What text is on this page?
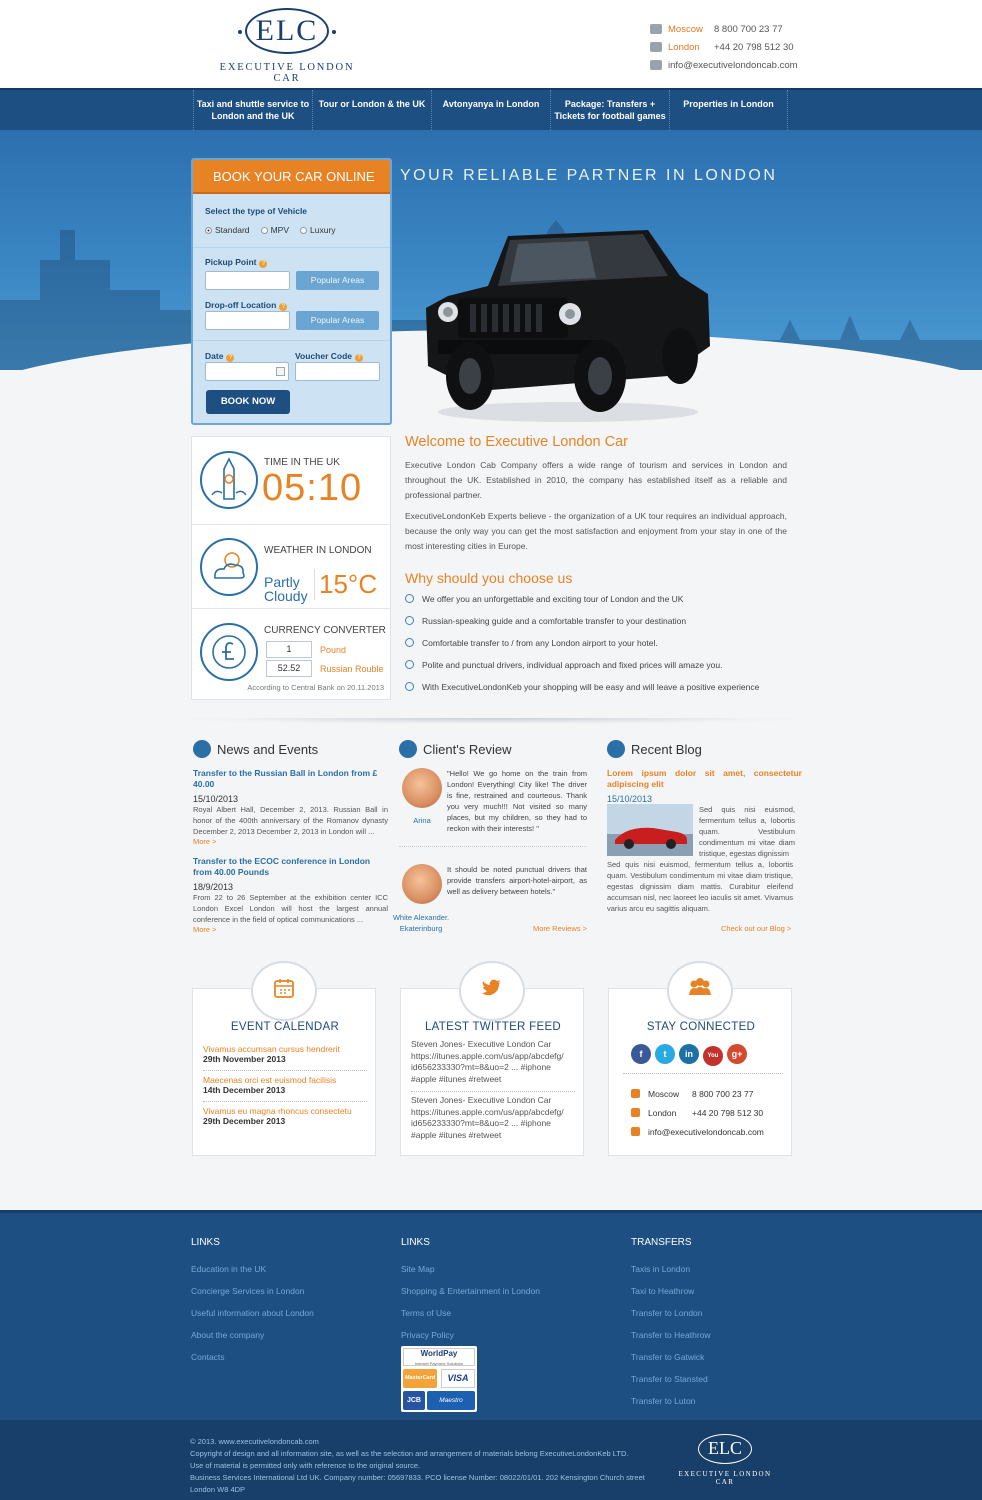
ELC
EXECUTIVE LONDON CAR
Moscow 8 800 700 23 77
London +44 20 798 512 30
info@executivelondoncab.com
Taxi and shuttle service to London and the UK
Tour or London & the UK	Avtonyanya in London	Package: Transfers + Tickets for football games
Properties in London
YOUR RELIABLE PARTNER IN LONDON
BOOK YOUR CAR ONLINE
Select the type of Vehicle
Standard MPV Luxury
Pickup Point ?
Popular Areas
Drop-off Location ?
Popular Areas
Date ?	Voucher Code ?
BOOK NOW
TIME IN THE UK
05:10
WEATHER IN LONDON
Partly Cloudy 15°C
CURRENCY CONVERTER
1	Pound
52.52	Russian Rouble
According to Central Bank on 20.11.2013
Welcome to Executive London Car

Executive London Cab Company offers a wide range of tourism and services in London and throughout the UK. Established in 2010, the company has established itself as a reliable and professional partner.

ExecutiveLondonKeb Experts believe - the organization of a UK tour requires an individual approach, because the only way you can get the most satisfaction and enjoyment from your stay in one of the most interesting cities in Europe.

Why should you choose us
We offer you an unforgettable and exciting tour of London and the UK
Russian-speaking guide and a comfortable transfer to your destination
Comfortable transfer to / from any London airport to your hotel.
Polite and punctual drivers, individual approach and fixed prices will amaze you.
With ExecutiveLondonKeb your shopping will be easy and will leave a positive experience
News and Events
Transfer to the Russian Ball in London from £ 40.00
15/10/2013
Royal Albert Hall, December 2, 2013. Russian Ball in honor of the 400th anniversary of the Romanov dynasty December 2, 2013 December 2, 2013 in London will ...
More >
Transfer to the ECOC conference in London from 40.00 Pounds
18/9/2013
From 22 to 26 September at the exhibition center ICC London Excel London will host the largest annual conference in the field of optical communications ...
More >
Client's Review
Arina
"Hello! We go home on the train from London! Everything! City like! The driver is fine, restrained and courteous. Thank you very much!!! Not visited so many places, but my children, so they had to reckon with their interests! "
White Alexander. Ekaterinburg
It should be noted punctual drivers that provide transfers airport-hotel-airport, as well as delivery between hotels."
More Reviews >
Recent Blog
Lorem ipsum dolor sit amet, consectetur adipiscing elit
15/10/2013
Sed quis nisi euismod, fermentum tellus a, lobortis quam. Vestibulum condimentum mi vitae diam tristique, egestas dignissim
Sed quis nisi euismod, fermentum tellus a, lobortis quam. Vestibulum condimentum mi vitae diam tristique, egestas dignissim diam mattis. Curabitur eleifend accumsan nisl, nec laoreet leo iaculis sit amet. Vivamus varius arcu eu sagittis aliquam.
Check out our Blog >
EVENT CALENDAR
Vivamus accumsan cursus hendrerit
29th November 2013
Maecenas orci est euismod facilisis
14th December 2013
Vivamus eu magna rhoncus consectetu
29th December 2013
LATEST TWITTER FEED
Steven Jones- Executive London Car https://itunes.apple.com/us/app/abcdefg/ id656233330?mt=8&uo=2 ... #iphone #apple #itunes #retweet
Steven Jones- Executive London Car https://itunes.apple.com/us/app/abcdefg/ id656233330?mt=8&uo=2 ... #iphone #apple #itunes #retweet
STAY CONNECTED
f t in You g+
Moscow 8 800 700 23 77
London +44 20 798 512 30
info@executivelondoncab.com
LINKS
Education in the UK
Concierge Services in London
Useful information about London
About the company
Contacts
LINKS
Site Map
Shopping & Entertainment in London
Terms of Use
Privacy Policy
WorldPay
Internet Payment Solutions
MasterCard	VISA
JCB	Maestro
TRANSFERS
Taxis in London
Taxi to Heathrow
Transfer to London
Transfer to Heathrow
Transfer to Gatwick
Transfer to Stansted
Transfer to Luton
© 2013. www.executivelondoncab.com
Copyright of design and all information site, as well as the selection and arrangement of materials belong ExecutiveLondonKeb LTD.
Use of material is permitted only with reference to the original source.
Business Services International Ltd UK. Company number: 05697833. PCO license Number: 08022/01/01. 202 Kensington Church street London W8 4DP
ELC
EXECUTIVE LONDON CAR
